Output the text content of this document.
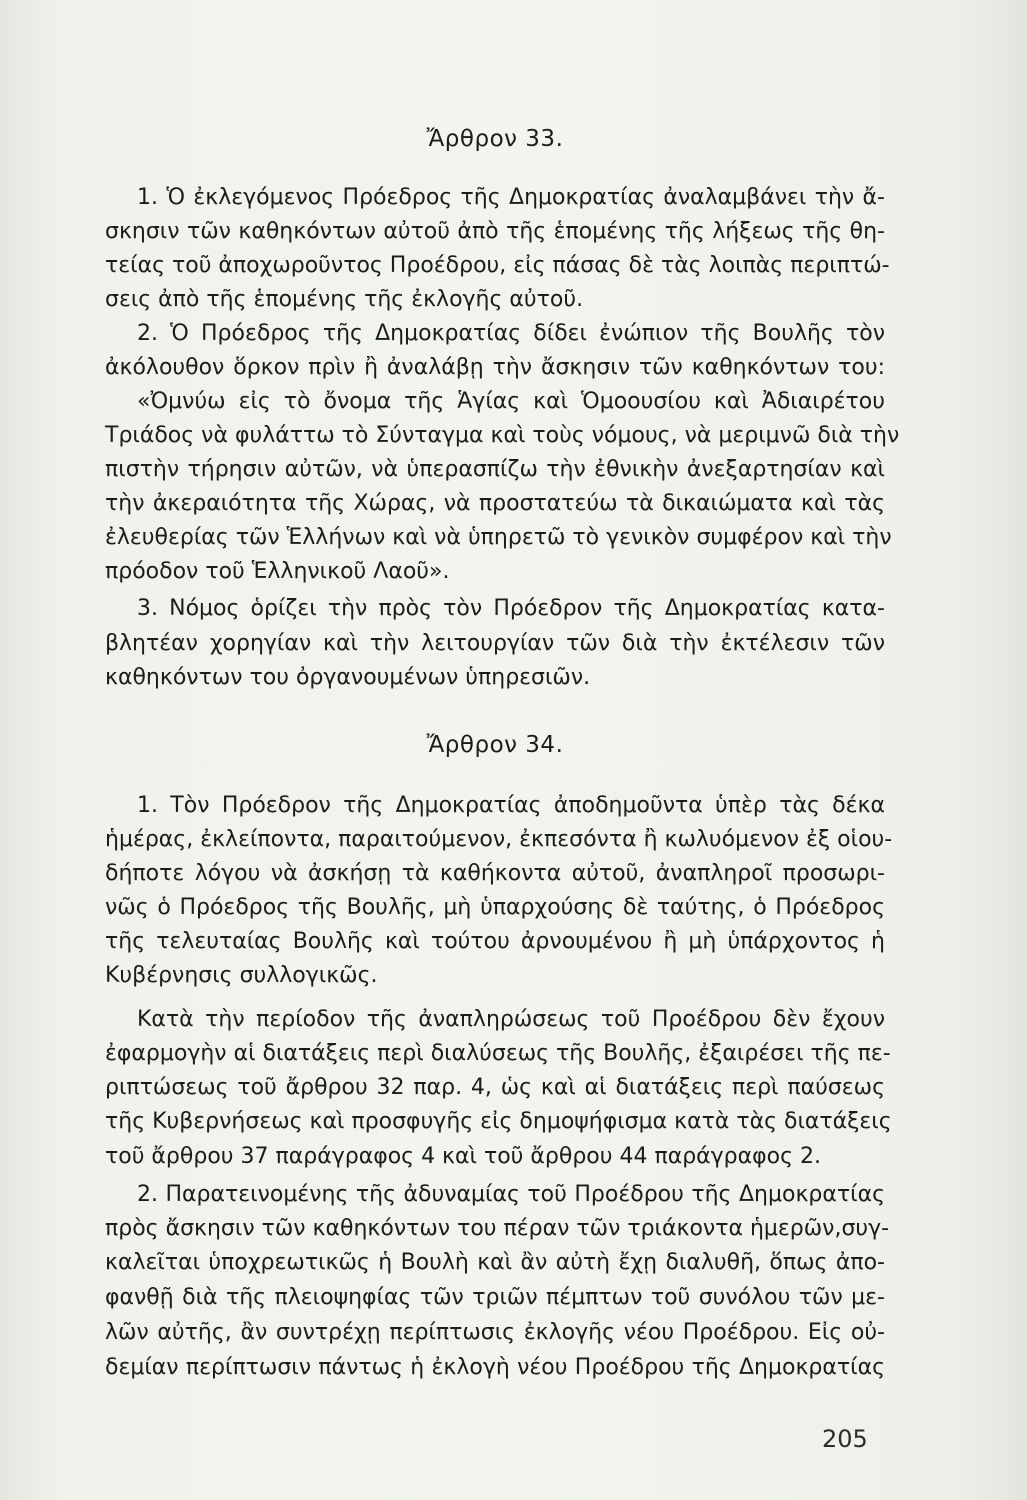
Ἄρθρον 33.
1. Ὁ ἐκλεγόμενος Πρόεδρος τῆς Δημοκρατίας ἀναλαμβάνει τὴν ἄ-
σκησιν τῶν καθηκόντων αὐτοῦ ἀπὸ τῆς ἑπομένης τῆς λήξεως τῆς θη-
τείας τοῦ ἀποχωροῦντος Προέδρου, εἰς πάσας δὲ τὰς λοιπὰς περιπτώ-
σεις ἀπὸ τῆς ἑπομένης τῆς ἐκλογῆς αὐτοῦ.
2. Ὁ Πρόεδρος τῆς Δημοκρατίας δίδει ἐνώπιον τῆς Βουλῆς τὸν
ἀκόλουθον ὅρκον πρὶν ἢ ἀναλάβῃ τὴν ἄσκησιν τῶν καθηκόντων του:
«Ὀμνύω εἰς τὸ ὄνομα τῆς Ἁγίας καὶ Ὁμοουσίου καὶ Ἀδιαιρέτου
Τριάδος νὰ φυλάττω τὸ Σύνταγμα καὶ τοὺς νόμους, νὰ μεριμνῶ διὰ τὴν
πιστὴν τήρησιν αὐτῶν, νὰ ὑπερασπίζω τὴν ἐθνικὴν ἀνεξαρτησίαν καὶ
τὴν ἀκεραιότητα τῆς Χώρας, νὰ προστατεύω τὰ δικαιώματα καὶ τὰς
ἐλευθερίας τῶν Ἑλλήνων καὶ νὰ ὑπηρετῶ τὸ γενικὸν συμφέρον καὶ τὴν
πρόοδον τοῦ Ἑλληνικοῦ Λαοῦ».
3. Νόμος ὁρίζει τὴν πρὸς τὸν Πρόεδρον τῆς Δημοκρατίας κατα-
βλητέαν χορηγίαν καὶ τὴν λειτουργίαν τῶν διὰ τὴν ἐκτέλεσιν τῶν
καθηκόντων του ὀργανουμένων ὑπηρεσιῶν.
Ἄρθρον 34.
1. Τὸν Πρόεδρον τῆς Δημοκρατίας ἀποδημοῦντα ὑπὲρ τὰς δέκα
ἡμέρας, ἐκλείποντα, παραιτούμενον, ἐκπεσόντα ἢ κωλυόμενον ἐξ οἱου-
δήποτε λόγου νὰ ἀσκήσῃ τὰ καθήκοντα αὐτοῦ, ἀναπληροῖ προσωρι-
νῶς ὁ Πρόεδρος τῆς Βουλῆς, μὴ ὑπαρχούσης δὲ ταύτης, ὁ Πρόεδρος
τῆς τελευταίας Βουλῆς καὶ τούτου ἀρνουμένου ἢ μὴ ὑπάρχοντος ἡ
Κυβέρνησις συλλογικῶς.
Κατὰ τὴν περίοδον τῆς ἀναπληρώσεως τοῦ Προέδρου δὲν ἔχουν
ἐφαρμογὴν αἱ διατάξεις περὶ διαλύσεως τῆς Βουλῆς, ἐξαιρέσει τῆς πε-
ριπτώσεως τοῦ ἄρθρου 32 παρ. 4, ὡς καὶ αἱ διατάξεις περὶ παύσεως
τῆς Κυβερνήσεως καὶ προσφυγῆς εἰς δημοψήφισμα κατὰ τὰς διατάξεις
τοῦ ἄρθρου 37 παράγραφος 4 καὶ τοῦ ἄρθρου 44 παράγραφος 2.
2. Παρατεινομένης τῆς ἀδυναμίας τοῦ Προέδρου τῆς Δημοκρατίας
πρὸς ἄσκησιν τῶν καθηκόντων του πέραν τῶν τριάκοντα ἡμερῶν,συγ-
καλεῖται ὑποχρεωτικῶς ἡ Βουλὴ καὶ ἂν αὐτὴ ἔχῃ διαλυθῆ, ὅπως ἀπο-
φανθῇ διὰ τῆς πλειοψηφίας τῶν τριῶν πέμπτων τοῦ συνόλου τῶν με-
λῶν αὐτῆς, ἂν συντρέχῃ περίπτωσις ἐκλογῆς νέου Προέδρου. Εἰς οὐ-
δεμίαν περίπτωσιν πάντως ἡ ἐκλογὴ νέου Προέδρου τῆς Δημοκρατίας
205
